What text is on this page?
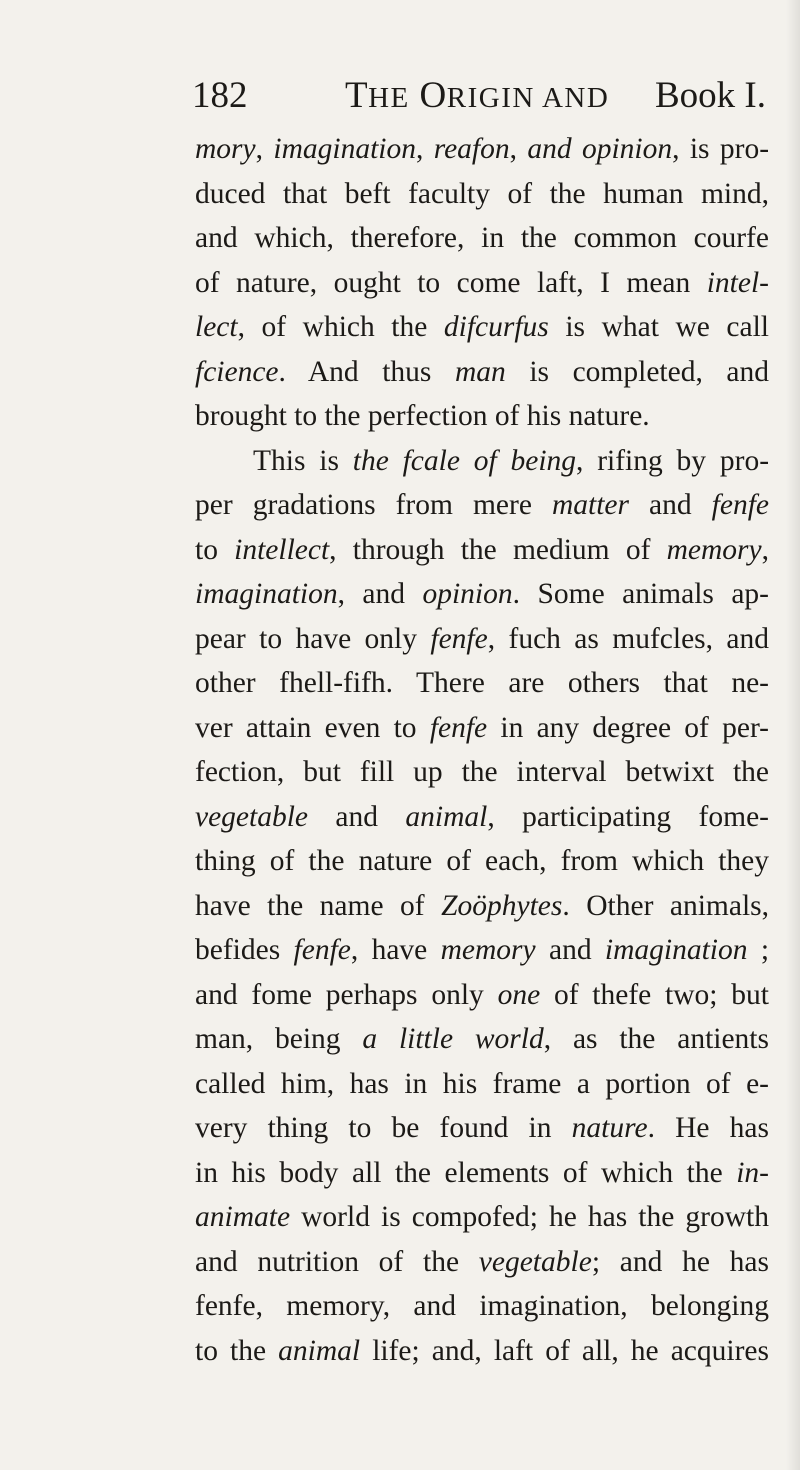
182	THE ORIGIN AND Book I.
mory, imagination, reafon, and opinion, is pro-
duced that beft faculty of the human mind,
and which, therefore, in the common courfe
of nature, ought to come laft, I mean intel-
lect, of which the difcurfus is what we call
fcience. And thus man is completed, and
brought to the perfection of his nature.
This is the fcale of being, rifing by pro-
per gradations from mere matter and fenfe
to intellect, through the medium of memory,
imagination, and opinion. Some animals ap-
pear to have only fenfe, fuch as mufcles, and
other fhell-fifh. There are others that ne-
ver attain even to fenfe in any degree of per-
fection, but fill up the interval betwixt the
vegetable and animal, participating fome-
thing of the nature of each, from which they
have the name of Zoöphytes. Other animals,
befides fenfe, have memory and imagination ;
and fome perhaps only one of thefe two; but
man, being a little world, as the antients
called him, has in his frame a portion of e-
very thing to be found in nature. He has
in his body all the elements of which the in-
animate world is compofed; he has the growth
and nutrition of the vegetable; and he has
fenfe, memory, and imagination, belonging
to the animal life; and, laft of all, he acquires
